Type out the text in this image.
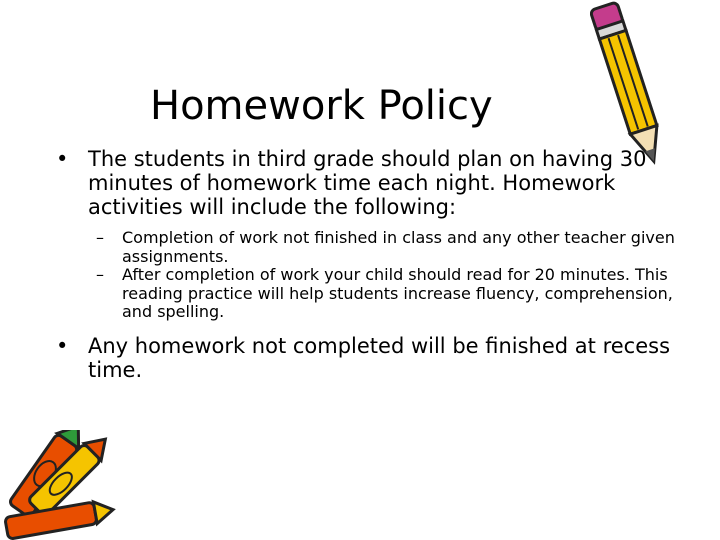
Homework Policy
• The students in third grade should plan on having 30 minutes of homework time each night. Homework activities will include the following:
– Completion of work not finished in class and any other teacher given assignments.
– After completion of work your child should read for 20 minutes. This reading practice will help students increase fluency, comprehension, and spelling.
• Any homework not completed will be finished at recess time.
